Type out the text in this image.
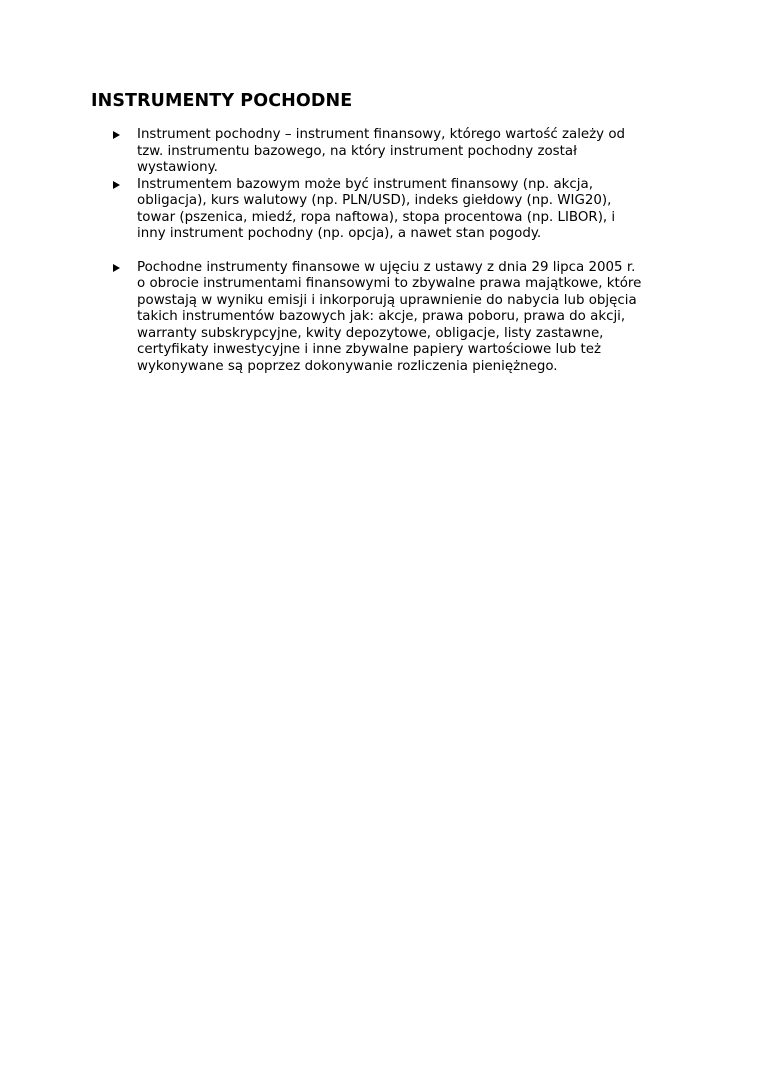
INSTRUMENTY POCHODNE
Instrument pochodny – instrument finansowy, którego wartość zależy od
tzw. instrumentu bazowego, na który instrument pochodny został
wystawiony.
Instrumentem bazowym może być instrument finansowy (np. akcja,
obligacja), kurs walutowy (np. PLN/USD), indeks giełdowy (np. WIG20),
towar (pszenica, miedź, ropa naftowa), stopa procentowa (np. LIBOR), i
inny instrument pochodny (np. opcja), a nawet stan pogody.
Pochodne instrumenty finansowe w ujęciu z ustawy z dnia 29 lipca 2005 r.
o obrocie instrumentami finansowymi to zbywalne prawa majątkowe, które
powstają w wyniku emisji i inkorporują uprawnienie do nabycia lub objęcia
takich instrumentów bazowych jak: akcje, prawa poboru, prawa do akcji,
warranty subskrypcyjne, kwity depozytowe, obligacje, listy zastawne,
certyfikaty inwestycyjne i inne zbywalne papiery wartościowe lub też
wykonywane są poprzez dokonywanie rozliczenia pieniężnego.
